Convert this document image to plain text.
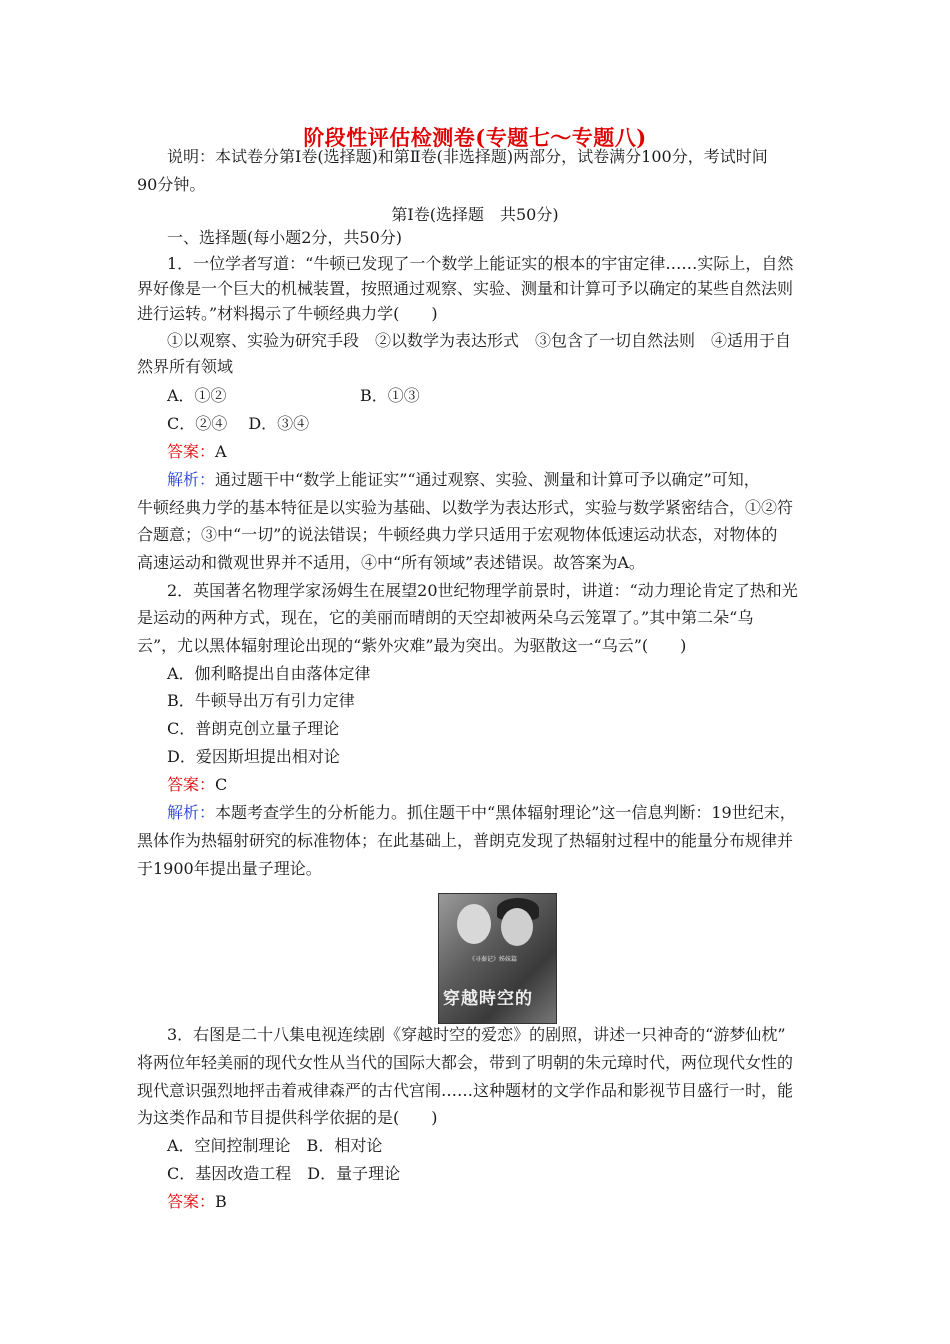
阶段性评估检测卷(专题七～专题八)
说明：本试卷分第Ⅰ卷(选择题)和第Ⅱ卷(非选择题)两部分，试卷满分100分，考试时间
90分钟。
第Ⅰ卷(选择题　共50分)
一、选择题(每小题2分，共50分)
1．一位学者写道：“牛顿已发现了一个数学上能证实的根本的宇宙定律……实际上，自然
界好像是一个巨大的机械装置，按照通过观察、实验、测量和计算可予以确定的某些自然法则
进行运转。”材料揭示了牛顿经典力学(　　)
①以观察、实验为研究手段　②以数学为表达形式　③包含了一切自然法则　④适用于自
然界所有领域
A．①②	B．①③
C．②④　 D．③④
答案：A
解析：通过题干中“数学上能证实”“通过观察、实验、测量和计算可予以确定”可知，
牛顿经典力学的基本特征是以实验为基础、以数学为表达形式，实验与数学紧密结合，①②符
合题意；③中“一切”的说法错误；牛顿经典力学只适用于宏观物体低速运动状态，对物体的
高速运动和微观世界并不适用，④中“所有领域”表述错误。故答案为A。
2．英国著名物理学家汤姆生在展望20世纪物理学前景时，讲道：“动力理论肯定了热和光
是运动的两种方式，现在，它的美丽而晴朗的天空却被两朵乌云笼罩了。”其中第二朵“乌
云”，尤以黑体辐射理论出现的“紫外灾难”最为突出。为驱散这一“乌云”(　　)
A．伽利略提出自由落体定律
B．牛顿导出万有引力定律
C．普朗克创立量子理论
D．爱因斯坦提出相对论
答案：C
解析：本题考查学生的分析能力。抓住题干中“黑体辐射理论”这一信息判断：19世纪末，
黑体作为热辐射研究的标准物体；在此基础上，普朗克发现了热辐射过程中的能量分布规律并
于1900年提出量子理论。
《寻秦记》姊妹篇
穿越時空的
3．右图是二十八集电视连续剧《穿越时空的爱恋》的剧照，讲述一只神奇的“游梦仙枕”
将两位年轻美丽的现代女性从当代的国际大都会，带到了明朝的朱元璋时代，两位现代女性的
现代意识强烈地抨击着戒律森严的古代宫闱……这种题材的文学作品和影视节目盛行一时，能
为这类作品和节目提供科学依据的是(　　)
A．空间控制理论　B．相对论
C．基因改造工程　D．量子理论
答案：B
